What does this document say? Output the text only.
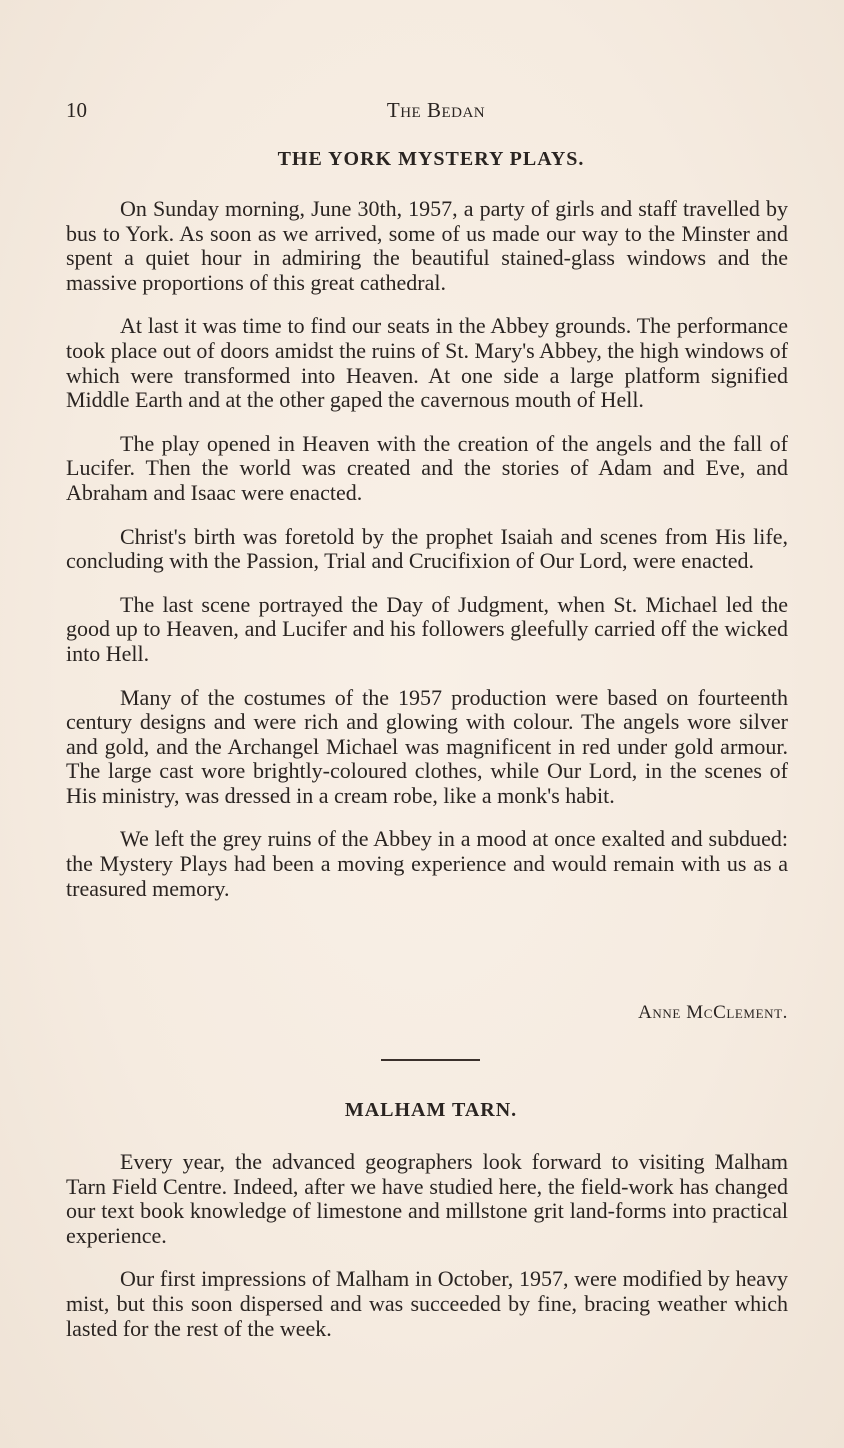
10	The Bedan
THE YORK MYSTERY PLAYS.

On Sunday morning, June 30th, 1957, a party of girls and staff travelled by bus to York. As soon as we arrived, some of us made our way to the Minster and spent a quiet hour in admiring the beautiful stained-glass windows and the massive proportions of this great cathedral.

At last it was time to find our seats in the Abbey grounds. The performance took place out of doors amidst the ruins of St. Mary's Abbey, the high windows of which were transformed into Heaven. At one side a large platform signified Middle Earth and at the other gaped the cavernous mouth of Hell.

The play opened in Heaven with the creation of the angels and the fall of Lucifer. Then the world was created and the stories of Adam and Eve, and Abraham and Isaac were enacted.

Christ's birth was foretold by the prophet Isaiah and scenes from His life, concluding with the Passion, Trial and Crucifixion of Our Lord, were enacted.

The last scene portrayed the Day of Judgment, when St. Michael led the good up to Heaven, and Lucifer and his followers gleefully carried off the wicked into Hell.

Many of the costumes of the 1957 production were based on fourteenth century designs and were rich and glowing with colour. The angels wore silver and gold, and the Archangel Michael was magnificent in red under gold armour. The large cast wore brightly-coloured clothes, while Our Lord, in the scenes of His ministry, was dressed in a cream robe, like a monk's habit.

We left the grey ruins of the Abbey in a mood at once exalted and subdued: the Mystery Plays had been a moving experience and would remain with us as a treasured memory.

Anne McClement.
MALHAM TARN.

Every year, the advanced geographers look forward to visiting Malham Tarn Field Centre. Indeed, after we have studied here, the field-work has changed our text book knowledge of limestone and millstone grit land-forms into practical experience.

Our first impressions of Malham in October, 1957, were modified by heavy mist, but this soon dispersed and was succeeded by fine, bracing weather which lasted for the rest of the week.
